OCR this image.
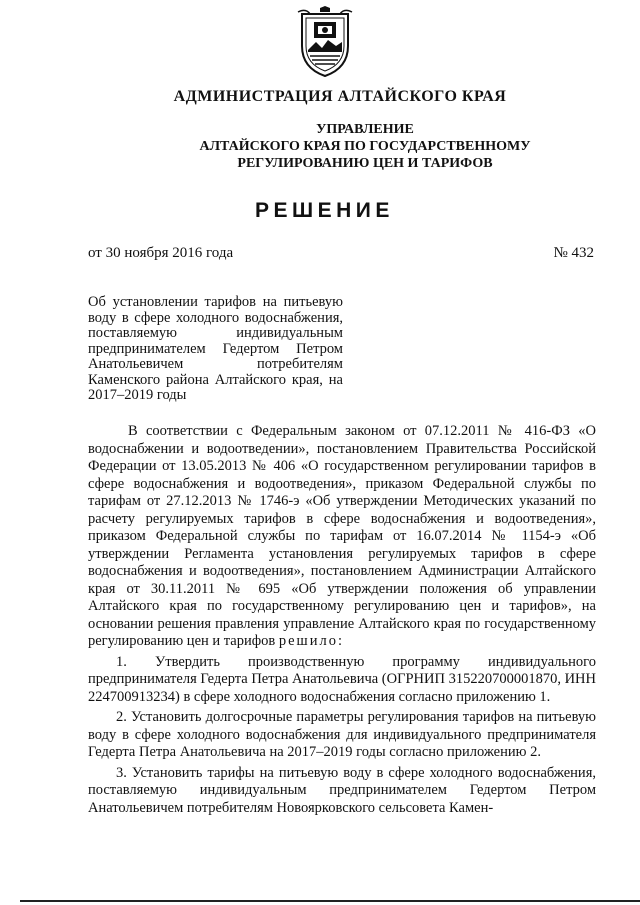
АДМИНИСТРАЦИЯ АЛТАЙСКОГО КРАЯ
УПРАВЛЕНИЕ
АЛТАЙСКОГО КРАЯ ПО ГОСУДАРСТВЕННОМУ
РЕГУЛИРОВАНИЮ ЦЕН И ТАРИФОВ
РЕШЕНИЕ
от 30 ноября 2016 года	№ 432
Об установлении тарифов на питьевую воду в сфере холодного водоснабжения, поставляемую индивидуальным предпринимателем Гедертом Петром Анатольевичем потребителям Каменского района Алтайского края, на 2017–2019 годы

В соответствии с Федеральным законом от 07.12.2011 № 416-ФЗ «О водоснабжении и водоотведении», постановлением Правительства Российской Федерации от 13.05.2013 № 406 «О государственном регулировании тарифов в сфере водоснабжения и водоотведения», приказом Федеральной службы по тарифам от 27.12.2013 № 1746-э «Об утверждении Методических указаний по расчету регулируемых тарифов в сфере водоснабжения и водоотведения», приказом Федеральной службы по тарифам от 16.07.2014 № 1154-э «Об утверждении Регламента установления регулируемых тарифов в сфере водоснабжения и водоотведения», постановлением Администрации Алтайского края от 30.11.2011 № 695 «Об утверждении положения об управлении Алтайского края по государственному регулированию цен и тарифов», на основании решения правления управление Алтайского края по государственному регулированию цен и тарифов решило:

1. Утвердить производственную программу индивидуального предпринимателя Гедерта Петра Анатольевича (ОГРНИП 315220700001870, ИНН 224700913234) в сфере холодного водоснабжения согласно приложению 1.

2. Установить долгосрочные параметры регулирования тарифов на питьевую воду в сфере холодного водоснабжения для индивидуального предпринимателя Гедерта Петра Анатольевича на 2017–2019 годы согласно приложению 2.

3. Установить тарифы на питьевую воду в сфере холодного водоснабжения, поставляемую индивидуальным предпринимателем Гедертом Петром Анатольевичем потребителям Новоярковского сельсовета Камен-
